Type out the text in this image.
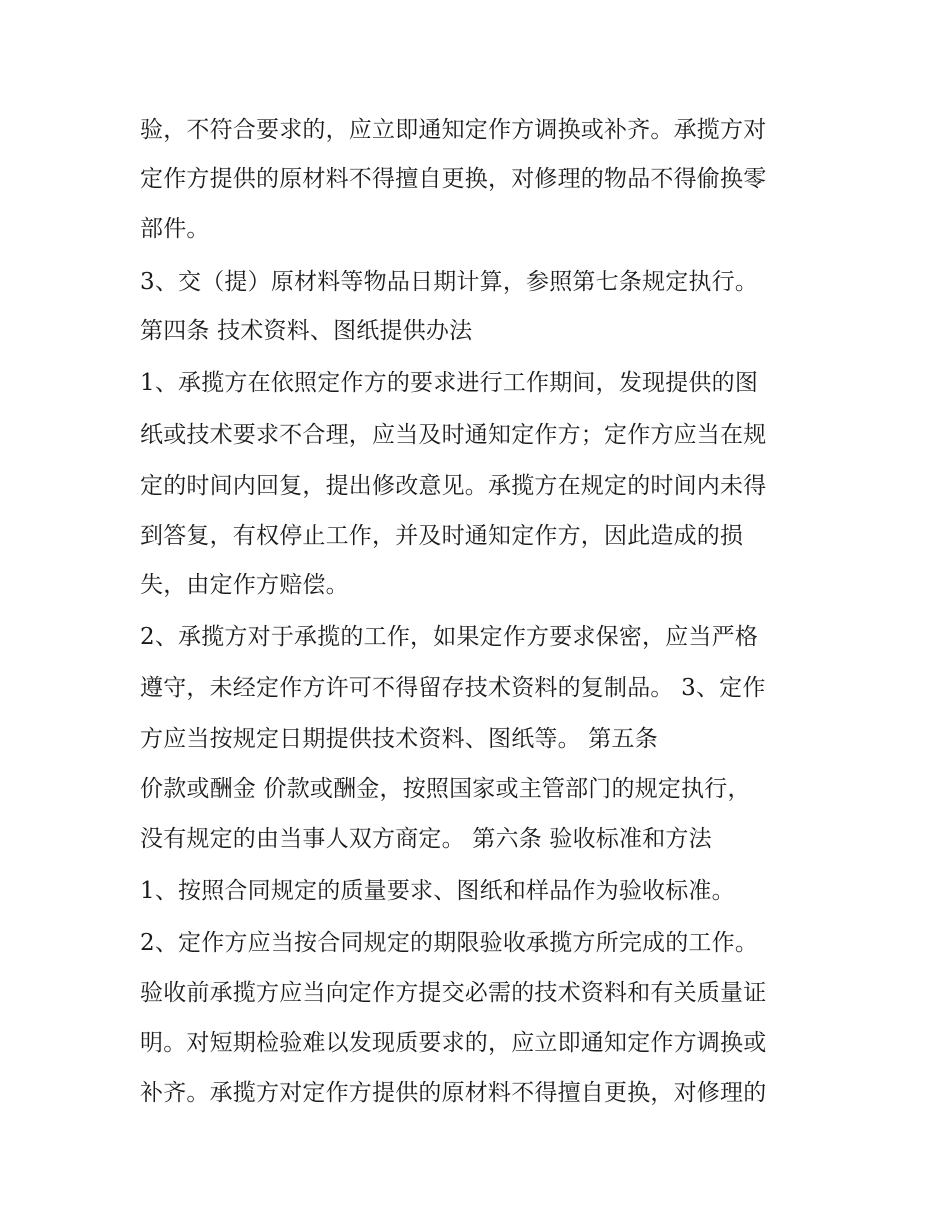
验，不符合要求的，应立即通知定作方调换或补齐。承揽方对
定作方提供的原材料不得擅自更换，对修理的物品不得偷换零
部件。
3、交（提）原材料等物品日期计算，参照第七条规定执行。
第四条 技术资料、图纸提供办法
1、承揽方在依照定作方的要求进行工作期间，发现提供的图
纸或技术要求不合理，应当及时通知定作方；定作方应当在规
定的时间内回复，提出修改意见。承揽方在规定的时间内未得
到答复，有权停止工作，并及时通知定作方，因此造成的损
失，由定作方赔偿。
2、承揽方对于承揽的工作，如果定作方要求保密，应当严格
遵守，未经定作方许可不得留存技术资料的复制品。 3、定作
方应当按规定日期提供技术资料、图纸等。 第五条
价款或酬金 价款或酬金，按照国家或主管部门的规定执行，
没有规定的由当事人双方商定。 第六条 验收标准和方法
1、按照合同规定的质量要求、图纸和样品作为验收标准。
2、定作方应当按合同规定的期限验收承揽方所完成的工作。
验收前承揽方应当向定作方提交必需的技术资料和有关质量证
明。对短期检验难以发现质要求的，应立即通知定作方调换或
补齐。承揽方对定作方提供的原材料不得擅自更换，对修理的
